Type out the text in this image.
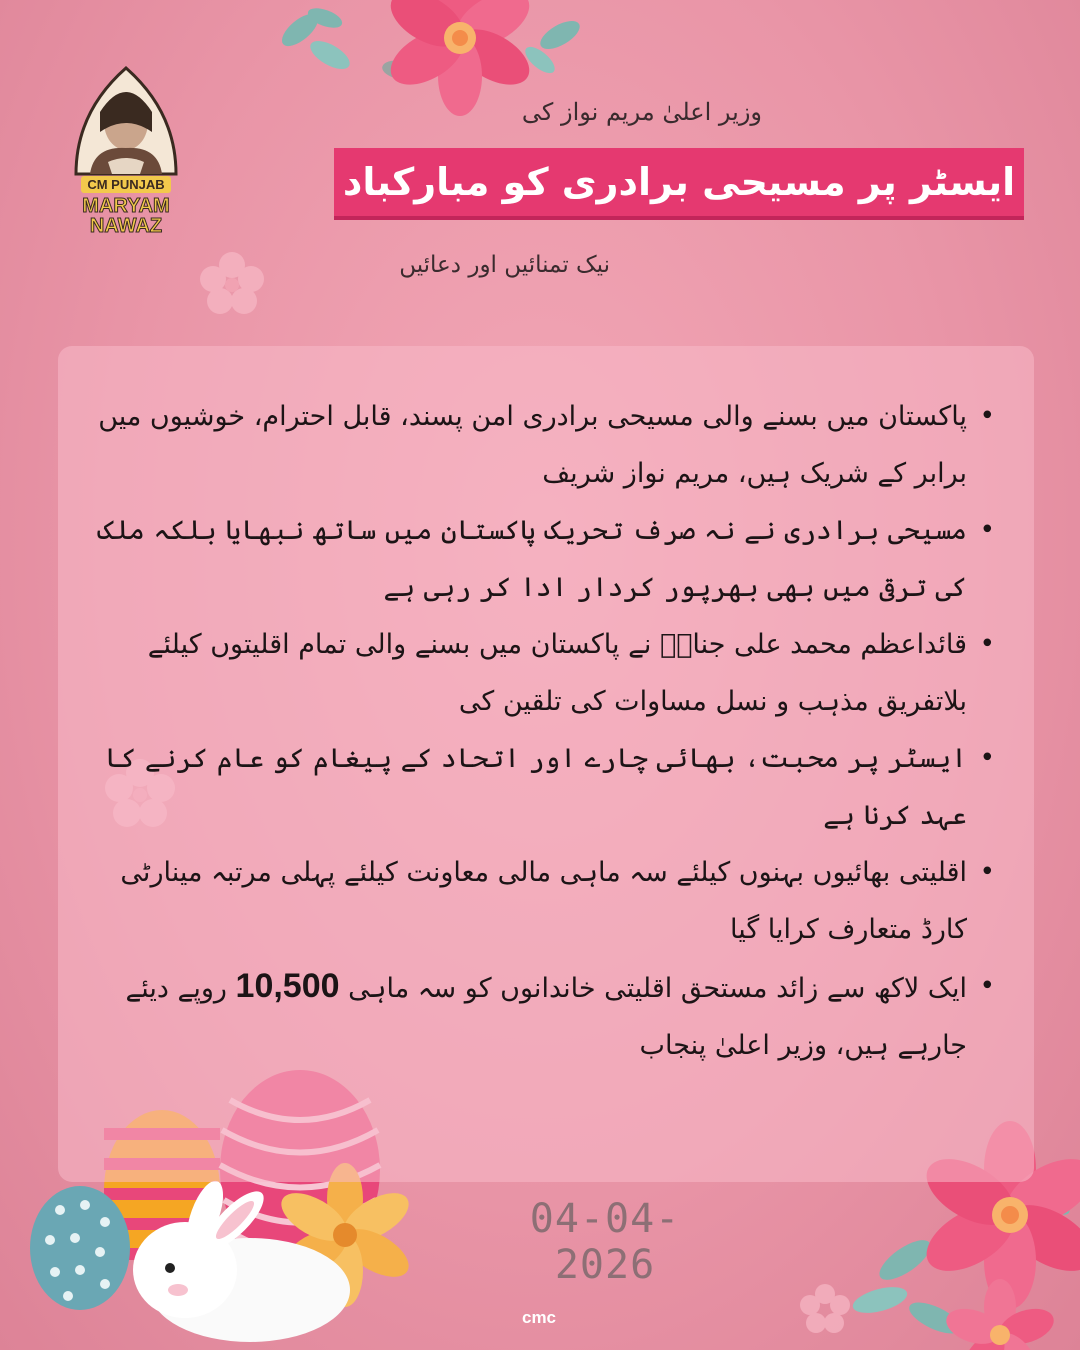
CM PUNJAB
MARYAM
NAWAZ
وزیر اعلیٰ مریم نواز کی
ایسٹر پر مسیحی برادری کو مبارکباد
نیک تمنائیں اور دعائیں
• پاکستان میں بسنے والی مسیحی برادری امن پسند، قابل احترام، خوشیوں میں برابر کے شریک ہیں، مریم نواز شریف
• مسیحی برادری نے نہ صرف تحریک پاکستان میں ساتھ نبھایا بلکہ ملک کی ترقی میں بھی بھرپور کردار ادا کر رہی ہے
• قائداعظم محمد علی جناحؒ نے پاکستان میں بسنے والی تمام اقلیتوں کیلئے بلاتفریق مذہب و نسل مساوات کی تلقین کی
• ایسٹر پر محبت، بھائی چارے اور اتحاد کے پیغام کو عام کرنے کا عہد کرنا ہے
• اقلیتی بھائیوں بہنوں کیلئے سہ ماہی مالی معاونت کیلئے پہلی مرتبہ مینارٹی کارڈ متعارف کرایا گیا
• ایک لاکھ سے زائد مستحق اقلیتی خاندانوں کو سہ ماہی 10,500 روپے دیئے جارہے ہیں، وزیر اعلیٰ پنجاب
04-04-2026
cmc
